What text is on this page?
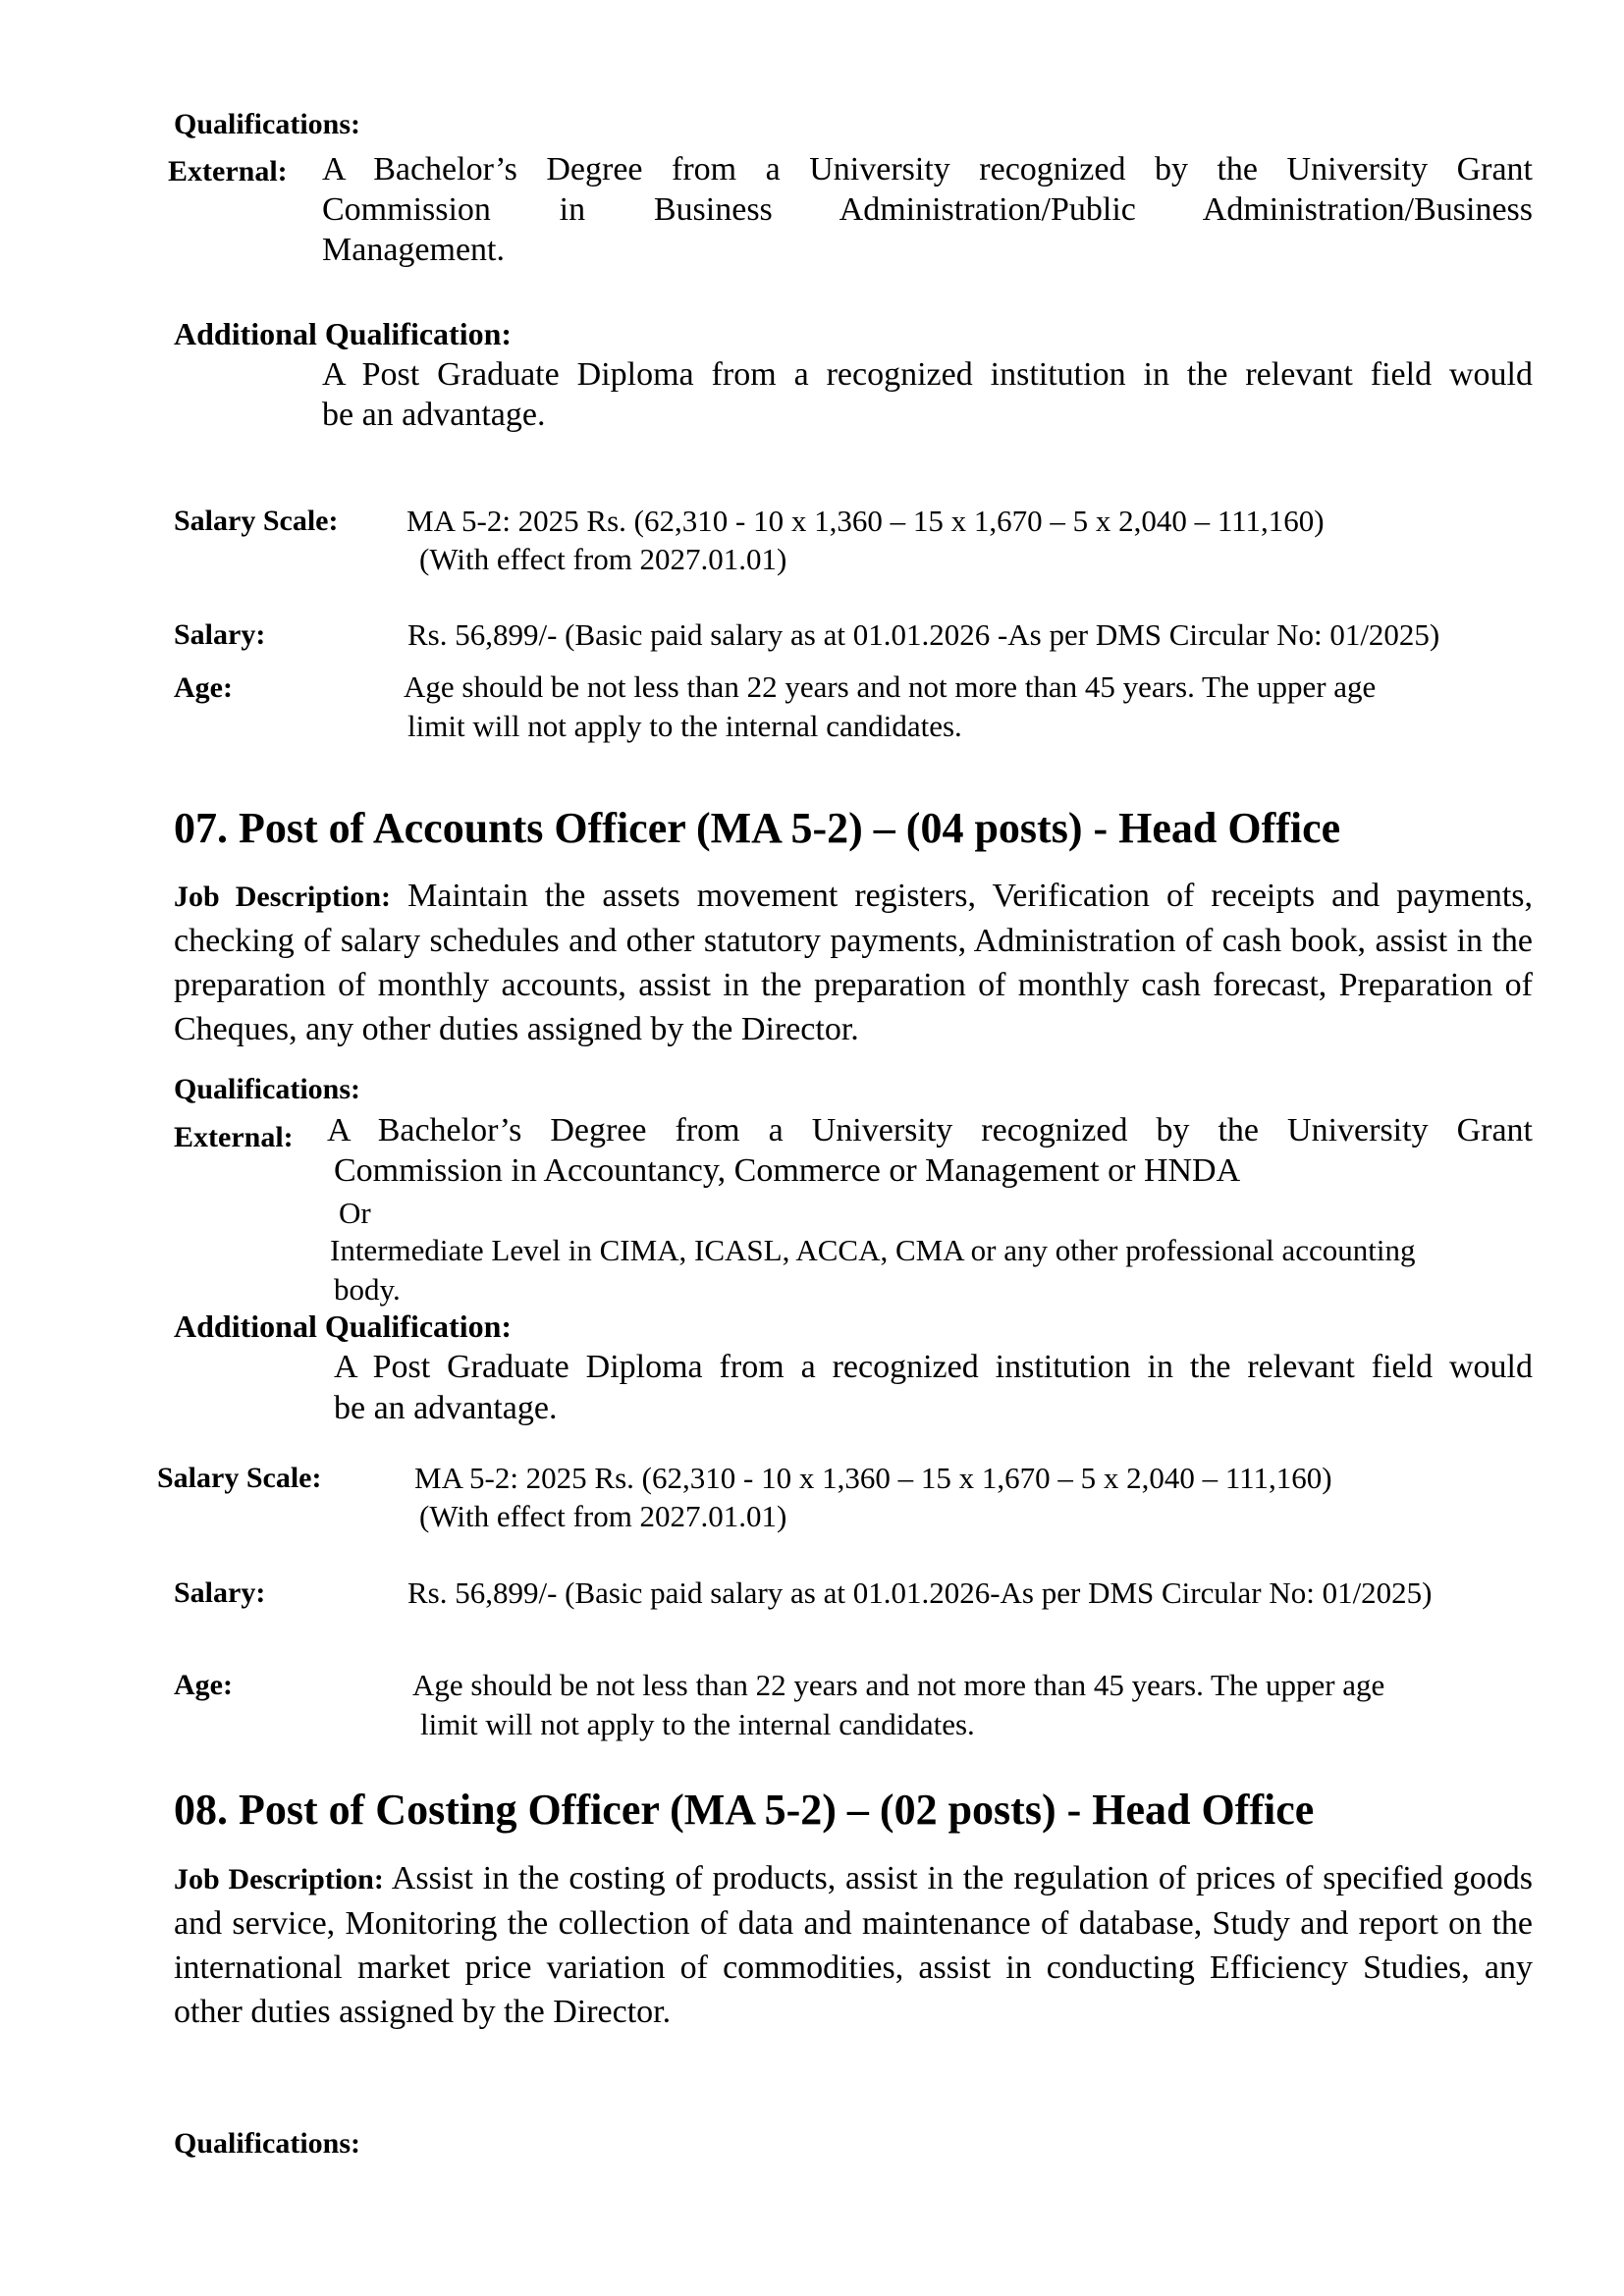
Qualifications:
External: A Bachelor’s Degree from a University recognized by the University Grant
Commission in Business Administration/Public Administration/Business
Management.
Additional Qualification:
A Post Graduate Diploma from a recognized institution in the relevant field would
be an advantage.
Salary Scale: MA 5-2: 2025 Rs. (62,310 - 10 x 1,360 – 15 x 1,670 – 5 x 2,040 – 111,160)
(With effect from 2027.01.01)
Salary:	Rs. 56,899/- (Basic paid salary as at 01.01.2026 -As per DMS Circular No: 01/2025)
Age:	Age should be not less than 22 years and not more than 45 years. The upper age
limit will not apply to the internal candidates.
07. Post of Accounts Officer (MA 5-2) – (04 posts) - Head Office
Job Description: Maintain the assets movement registers, Verification of receipts and payments, checking of salary schedules and other statutory payments, Administration of cash book, assist in the preparation of monthly accounts, assist in the preparation of monthly cash forecast, Preparation of Cheques, any other duties assigned by the Director.
Qualifications:
External: A Bachelor’s Degree from a University recognized by the University Grant
Commission in Accountancy, Commerce or Management or HNDA
Or
Intermediate Level in CIMA, ICASL, ACCA, CMA or any other professional accounting
body.
Additional Qualification:
A Post Graduate Diploma from a recognized institution in the relevant field would
be an advantage.
Salary Scale:	MA 5-2: 2025 Rs. (62,310 - 10 x 1,360 – 15 x 1,670 – 5 x 2,040 – 111,160)
(With effect from 2027.01.01)
Salary:	Rs. 56,899/- (Basic paid salary as at 01.01.2026-As per DMS Circular No: 01/2025)
Age:	Age should be not less than 22 years and not more than 45 years. The upper age
limit will not apply to the internal candidates.
08. Post of Costing Officer (MA 5-2) – (02 posts) - Head Office
Job Description: Assist in the costing of products, assist in the regulation of prices of specified goods and service, Monitoring the collection of data and maintenance of database, Study and report on the international market price variation of commodities, assist in conducting Efficiency Studies, any other duties assigned by the Director.
Qualifications:
